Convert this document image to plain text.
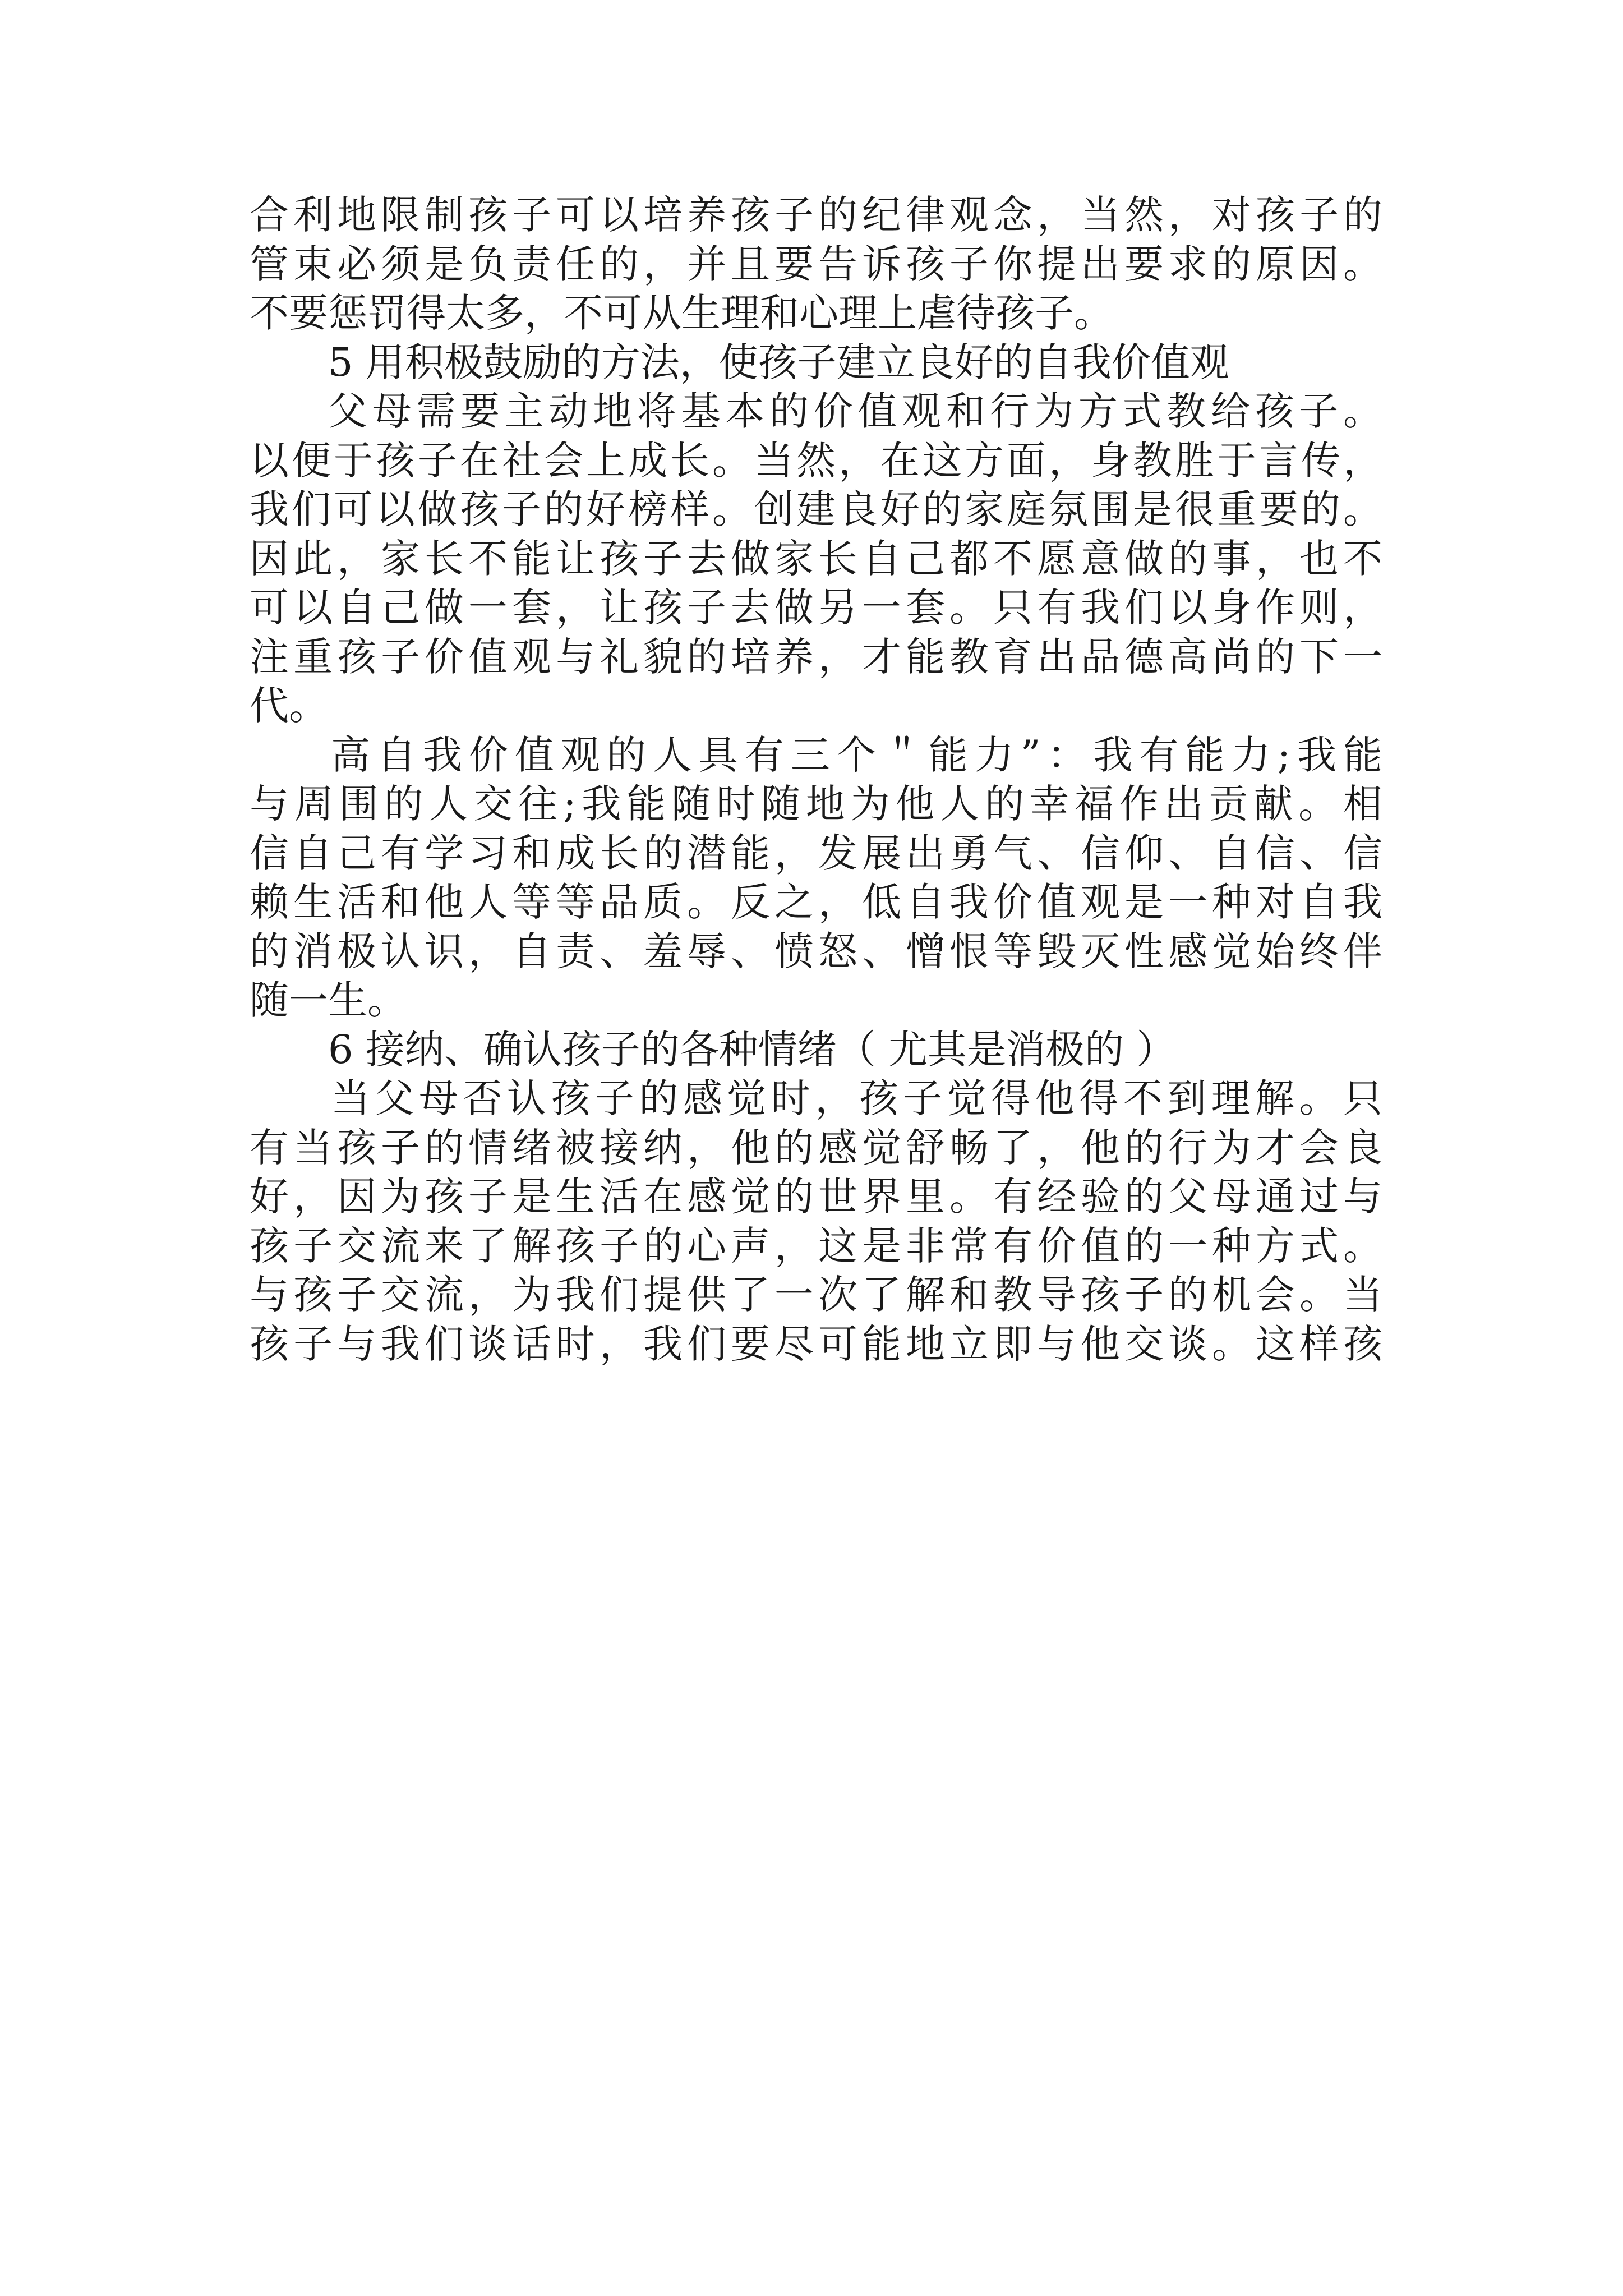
合利地限制孩子可以培养孩子的纪律观念，当然，对孩子的
管束必须是负责任的，并且要告诉孩子你提出要求的原因。
不要惩罚得太多，不可从生理和心理上虐待孩子。
5 用积极鼓励的方法，使孩子建立良好的自我价值观
父母需要主动地将基本的价值观和行为方式教给孩子。
以便于孩子在社会上成长。当然，在这方面，身教胜于言传，
我们可以做孩子的好榜样。创建良好的家庭氛围是很重要的。
因此，家长不能让孩子去做家长自己都不愿意做的事，也不
可以自己做一套，让孩子去做另一套。只有我们以身作则，
注重孩子价值观与礼貌的培养，才能教育出品德高尚的下一
代。
高自我价值观的人具有三个＂能力”：我有能力;我能
与周围的人交往;我能随时随地为他人的幸福作出贡献。相
信自己有学习和成长的潜能，发展出勇气、信仰、自信、信
赖生活和他人等等品质。反之，低自我价值观是一种对自我
的消极认识，自责、羞辱、愤怒、憎恨等毁灭性感觉始终伴
随一生。
6 接纳、确认孩子的各种情绪（ 尤其是消极的 ）
当父母否认孩子的感觉时，孩子觉得他得不到理解。只
有当孩子的情绪被接纳，他的感觉舒畅了，他的行为才会良
好，因为孩子是生活在感觉的世界里。有经验的父母通过与
孩子交流来了解孩子的心声，这是非常有价值的一种方式。
与孩子交流，为我们提供了一次了解和教导孩子的机会。当
孩子与我们谈话时，我们要尽可能地立即与他交谈。这样孩
